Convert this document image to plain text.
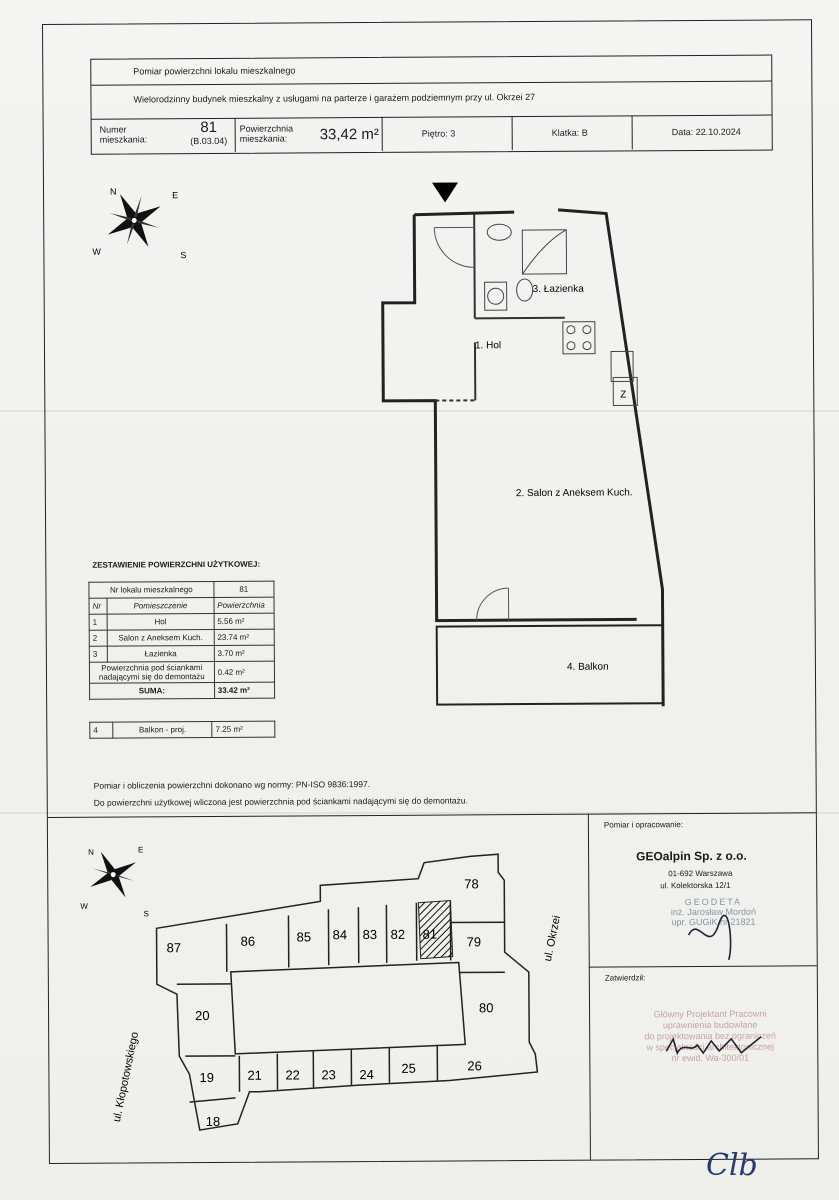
Pomiar powierzchni lokalu mieszkalnego
Wielorodzinny budynek mieszkalny z usługami na parterze i garażem podziemnym przy ul. Okrzei 27
Numer
mieszkania:
81
(B.03.04)
Powierzchnia
mieszkania:	33,42 m²	Piętro: 3	Klatka: B	Data: 22.10.2024
N	E
S
W
Z
1. Hol
3. Łazienka
2. Salon z Aneksem Kuch.
4. Balkon
ZESTAWIENIE POWIERZCHNI UŻYTKOWEJ:
Nr lokalu mieszkalnego		81
Nr	Pomieszczenie	Powierzchnia
1	Hol	5.56 m²
2	Salon z Aneksem Kuch.	23.74 m²
3	Łazienka	3.70 m²

Powierzchnia pod ściankami
nadającymi się do demontażu		0.42 m²
SUMA:		33.42 m²
4	Balkon - proj.	7.25 m²
Pomiar i obliczenia powierzchni dokonano wg normy: PN-ISO 9836:1997.
Do powierzchni użytkowej wliczona jest powierzchnia pod ściankami nadającymi się do demontażu.
N	E
W
S
87	86	85 84 83 82 81
79
78
20
80
19	21 22 23 24 25	26
18
ul. Kłopotowskiego
ul. Okrzei
Pomiar i opracowanie:
GEOalpin Sp. z o.o.
01-692 Warszawa
ul. Kolektorska 12/1
GEODETA
inż. Jarosław Mordoń
upr. GUGiK nr 21821
Zatwierdził:
Główny Projektant Pracowni
uprawnienia budowlane
do projektowania bez ograniczeń
w specjalności architektonicznej
nr ewid. Wa-300/01
Clb
